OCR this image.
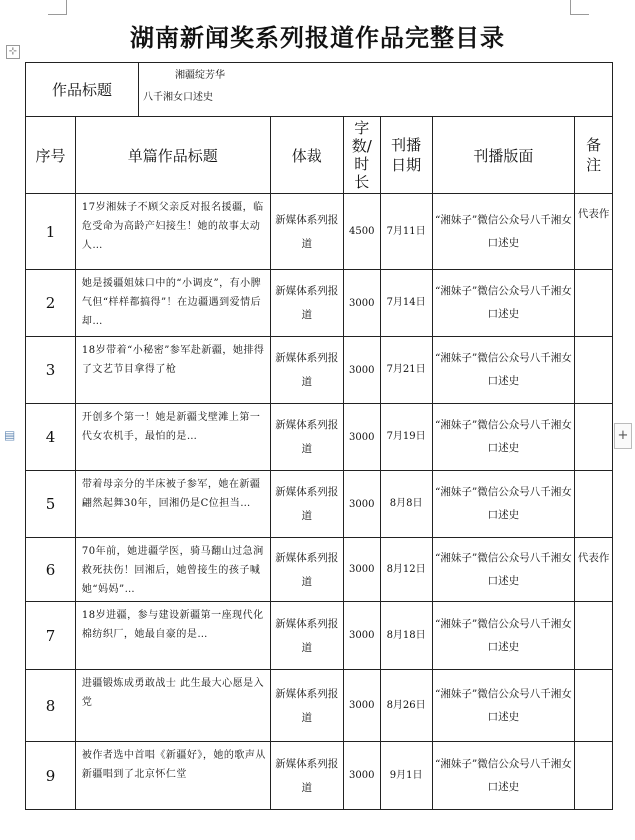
⊹
▤	+
湖南新闻奖系列报道作品完整目录
作品标题	
湘疆绽芳华
八千湘女口述史
序号	单篇作品标题	体裁	字数/时长	刊播日期	刊播版面	备注
1	17岁湘妹子不顾父亲反对报名援疆，临危受命为高龄产妇接生！她的故事太动人…	新媒体系列报道	4500	7月11日	“湘妹子”微信公众号八千湘女口述史	代表作
2	她是援疆姐妹口中的“小调皮”，有小脾气但“样样都搞得”！在边疆遇到爱情后却…	新媒体系列报道	3000	7月14日	“湘妹子”微信公众号八千湘女口述史	
3	18岁带着“小秘密”参军赴新疆，她排得了文艺节目拿得了枪	新媒体系列报道	3000	7月21日	“湘妹子”微信公众号八千湘女口述史	
4	开创多个第一！她是新疆戈壁滩上第一代女农机手，最怕的是…	新媒体系列报道	3000	7月19日	“湘妹子”微信公众号八千湘女口述史	
5	带着母亲分的半床被子参军，她在新疆翩然起舞30年，回湘仍是C位担当…	新媒体系列报道	3000	8月8日	“湘妹子”微信公众号八千湘女口述史	
6	70年前，她进疆学医，骑马翻山过急涧救死扶伤！回湘后，她曾接生的孩子喊她“妈妈”…	新媒体系列报道	3000	8月12日	“湘妹子”微信公众号八千湘女口述史	代表作
7	18岁进疆，参与建设新疆第一座现代化棉纺织厂，她最自豪的是…	新媒体系列报道	3000	8月18日	“湘妹子”微信公众号八千湘女口述史	
8	进疆锻炼成勇敢战士 此生最大心愿是入党	新媒体系列报道	3000	8月26日	“湘妹子”微信公众号八千湘女口述史	
9	被作者选中首唱《新疆好》，她的歌声从新疆唱到了北京怀仁堂	新媒体系列报道	3000	9月1日	“湘妹子”微信公众号八千湘女口述史	
